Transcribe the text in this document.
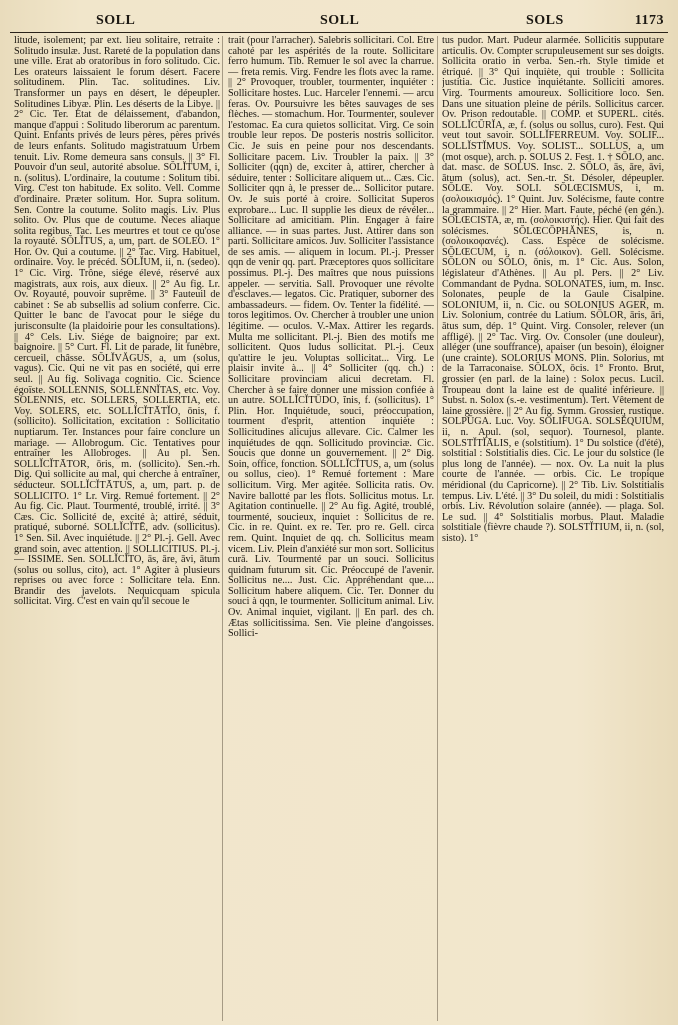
SOLL	SOLL	SOLS	1173

litude, isolement; par ext. lieu solitaire, retraite : Solitudo insulæ. Just. Rareté de la population dans une ville. Erat ab oratoribus in foro solitudo. Cic. Les orateurs laissaient le forum désert. Facere solitudinem. Plin. Tac. solitudines. Liv. Transformer un pays en désert, le dépeupler. Solitudines Libyæ. Plin. Les déserts de la Libye. || 2° Cic. Ter. Etat de délaissement, d'abandon, manque d'appui : Solitudo liberorum ac parentum. Quint. Enfants privés de leurs pères, pères privés de leurs enfants. Solitudo magistratuum Urbem tenuit. Liv. Rome demeura sans consuls. || 3° Fl. Pouvoir d'un seul, autorité absolue. SŎLĬTUM, i, n. (solitus). L'ordinaire, la coutume : Solitum tibi. Virg. C'est ton habitude. Ex solito. Vell. Comme d'ordinaire. Præter solitum. Hor. Supra solitum. Sen. Contre la coutume. Solito magis. Liv. Plus solito. Ov. Plus que de coutume. Neces aliaque solita regibus. Tac. Les meurtres et tout ce qu'ose la royauté. SŎLĬTUS, a, um, part. de SOLEO. 1° Hor. Ov. Qui a coutume. || 2° Tac. Virg. Habituel, ordinaire. Voy. le précéd. SŎLĬUM, ii, n. (sedeo). 1° Cic. Virg. Trône, siége élevé, réservé aux magistrats, aux rois, aux dieux. || 2° Au fig. Lr. Ov. Royauté, pouvoir suprême. || 3° Fauteuil de cabinet : Se ab subsellis ad solium conferre. Cic. Quitter le banc de l'avocat pour le siége du jurisconsulte (la plaidoirie pour les consultations). || 4° Cels. Liv. Siége de baignoire; par ext. baignoire. || 5° Curt. Fl. Lit de parade, lit funèbre, cercueil, châsse. SŎLĬVĂGUS, a, um (solus, vagus). Cic. Qui ne vit pas en société, qui erre seul. || Au fig. Solivaga cognitio. Cic. Science égoïste. SOLLENNIS, SOLLENNĬTAS, etc. Voy. SOLENNIS, etc. SOLLERS, SOLLERTIA, etc. Voy. SOLERS, etc. SOLLĬCĬTĀTĬO, ōnis, f. (sollicito). Sollicitation, excitation : Sollicitatio nuptiarum. Ter. Instances pour faire conclure un mariage. — Allobrogum. Cic. Tentatives pour entraîner les Allobroges. || Au pl. Sen. SOLLĬCĬTĀTOR, ōris, m. (sollicito). Sen.-rh. Dig. Qui sollicite au mal, qui cherche à entraîner, séducteur. SOLLĬCĬTĀTUS, a, um, part. p. de SOLLICITO. 1° Lr. Virg. Remué fortement. || 2° Au fig. Cic. Plaut. Tourmenté, troublé, irrité. || 3° Cæs. Cic. Sollicité de, excité à; attiré, séduit, pratiqué, suborné. SOLLĬCĬTĒ, adv. (sollicitus). 1° Sen. Sil. Avec inquiétude. || 2° Pl.-j. Gell. Avec grand soin, avec attention. || SOLLICITIUS. Pl.-j. — ISSIME. Sen. SOLLĬCĬTO, ās, āre, āvi, ātum (solus ou sollus, cito), act. 1° Agiter à plusieurs reprises ou avec force : Sollicitare tela. Enn. Brandir des javelots. Nequicquam spicula sollicitat. Virg. C'est en vain qu'il secoue le

trait (pour l'arracher). Salebris sollicitari. Col. Etre cahoté par les aspérités de la route. Sollicitare ferro humum. Tib. Remuer le sol avec la charrue. — freta remis. Virg. Fendre les flots avec la rame. || 2° Provoquer, troubler, tourmenter, inquiéter : Sollicitare hostes. Luc. Harceler l'ennemi. — arcu feras. Ov. Poursuivre les bêtes sauvages de ses flèches. — stomachum. Hor. Tourmenter, soulever l'estomac. Ea cura quietos sollicitat. Virg. Ce soin trouble leur repos. De posteris nostris sollicitor. Cic. Je suis en peine pour nos descendants. Sollicitare pacem. Liv. Troubler la paix. || 3° Solliciter (qqn) de, exciter à, attirer, chercher à séduire, tenter : Sollicitare aliquem ut... Cæs. Cic. Solliciter qqn à, le presser de... Sollicitor putare. Ov. Je suis porté à croire. Sollicitat Superos exprobare... Luc. Il supplie les dieux de révéler... Sollicitare ad amicitiam. Plin. Engager à faire alliance. — in suas partes. Just. Attirer dans son parti. Sollicitare amicos. Juv. Solliciter l'assistance de ses amis. — aliquem in locum. Pl.-j. Presser qqn de venir qq. part. Præceptores quos sollicitare possimus. Pl.-j. Des maîtres que nous puissions appeler. — servitia. Sall. Provoquer une révolte d'esclaves.— legatos. Cic. Pratiquer, suborner des ambassadeurs. — fidem. Ov. Tenter la fidélité. — toros legitimos. Ov. Chercher à troubler une union légitime. — oculos. V.-Max. Attirer les regards. Multa me sollicitant. Pl.-j. Bien des motifs me sollicitent. Quos ludus sollicitat. Pl.-j. Ceux qu'attire le jeu. Voluptas sollicitat... Virg. Le plaisir invite à... || 4° Solliciter (qq. ch.) : Sollicitare provinciam alicui decretam. Fl. Chercher à se faire donner une mission confiée à un autre. SOLLĬCĬTŪDO, ĭnis, f. (sollicitus). 1° Plin. Hor. Inquiétude, souci, préoccupation, tourment d'esprit, attention inquiète : Sollicitudines alicujus allevare. Cic. Calmer les inquiétudes de qqn. Sollicitudo provinciæ. Cic. Soucis que donne un gouvernement. || 2° Dig. Soin, office, fonction. SOLLĬCĬTUS, a, um (solus ou sollus, cieo). 1° Remué fortement : Mare sollicitum. Virg. Mer agitée. Sollicita ratis. Ov. Navire ballotté par les flots. Sollicitus motus. Lr. Agitation continuelle. || 2° Au fig. Agité, troublé, tourmenté, soucieux, inquiet : Sollicitus de re. Cic. in re. Quint. ex re. Ter. pro re. Gell. circa rem. Quint. Inquiet de qq. ch. Sollicitus meam vicem. Liv. Plein d'anxiété sur mon sort. Sollicitus curā. Liv. Tourmenté par un souci. Sollicitus quidnam futurum sit. Cic. Préoccupé de l'avenir. Sollicitus ne.... Just. Cic. Appréhendant que.... Sollicitum habere aliquem. Cic. Ter. Donner du souci à qqn, le tourmenter. Sollicitum animal. Liv. Ov. Animal inquiet, vigilant. || En parl. des ch. Ætas sollicitissima. Sen. Vie pleine d'angoisses. Sollici-

tus pudor. Mart. Pudeur alarmée. Sollicitis supputare articulis. Ov. Compter scrupuleusement sur ses doigts. Sollicita oratio in verba. Sen.-rh. Style timide et étriqué. || 3° Qui inquiète, qui trouble : Sollicita justitia. Cic. Justice inquiétante. Solliciti amores. Virg. Tourments amoureux. Sollicitiore loco. Sen. Dans une situation pleine de périls. Sollicitus carcer. Ov. Prison redoutable. || COMP. et SUPERL. cités. SOLLĬCŪRĬA, æ, f. (solus ou sollus, curo). Fest. Qui veut tout savoir. SOLLĬFERREUM. Voy. SOLIF... SOLLĬSTĬMUS. Voy. SOLIST... SOLLUS, a, um (mot osque), arch. p. SOLUS 2. Fest. 1. † SŌLO, anc. dat. masc. de SOLUS. Insc. 2. SŌLO, ās, āre, āvi, ātum (solus), act. Sen.-tr. St. Désoler, dépeupler. SŎLŒ. Voy. SOLI. SŎLŒCISMUS, i, m.(σολοικισμός). 1° Quint. Juv. Solécisme, faute contre la grammaire. || 2° Hier. Mart. Faute, péché (en gén.). SŎLŒCISTA, æ, m. (σολοικιστής). Hier. Qui fait des solécismes. SŎLŒCŌPHĂNES, is, n. (σολοικοφανές). Cass. Espèce de solécisme. SŎLŒCUM, i, n. (σόλοικον). Gell. Solécisme. SŎLON ou SŎLO, ōnis, m. 1° Cic. Aus. Solon, législateur d'Athènes. || Au pl. Pers. || 2° Liv. Commandant de Pydna. SOLONATES, ium, m. Insc. Solonates, peuple de la Gaule Cisalpine. SOLONIUM, ii, n. Cic. ou SOLONIUS AGER, m. Liv. Solonium, contrée du Latium. SŌLOR, āris, āri, ātus sum, dép. 1° Quint. Virg. Consoler, relever (un affligé). || 2° Tac. Virg. Ov. Consoler (une douleur), alléger (une souffrance), apaiser (un besoin), éloigner (une crainte). SOLORIUS MONS. Plin. Solorius, mt de la Tarraconaise. SŎLOX, ōcis. 1° Fronto. Brut, grossier (en parl. de la laine) : Solox pecus. Lucil. Troupeau dont la laine est de qualité inférieure. || Subst. n. Solox (s.-e. vestimentum). Tert. Vêtement de laine grossière. || 2° Au fig. Symm. Grossier, rustique. SOLPŪGA. Luc. Voy. SOLIFUGA. SOLSĔQUIUM, ii, n. Apul. (sol, sequor). Tournesol, plante. SOLSTĬTĬĀLIS, e (solstitium). 1° Du solstice (d'été), solstitial : Solstitialis dies. Cic. Le jour du solstice (le plus long de l'année). — nox. Ov. La nuit la plus courte de l'année. — orbis. Cic. Le tropique méridional (du Capricorne). || 2° Tib. Liv. Solstitialis tempus. Liv. L'été. || 3° Du soleil, du midi : Solstitialis orbis. Liv. Révolution solaire (année). — plaga. Sol. Le sud. || 4° Solstitialis morbus. Plaut. Maladie solstitiale (fièvre chaude ?). SOLSTĬTIUM, ii, n. (sol, sisto). 1°
